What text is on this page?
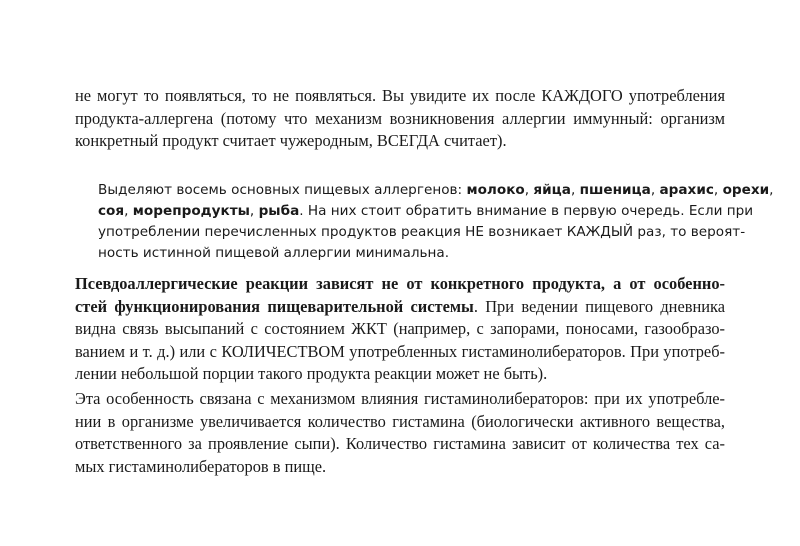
не могут то появляться, то не появляться. Вы увидите их после КАЖДОГО употребления
продукта-аллергена (потому что механизм возникновения аллергии иммунный: организм
конкретный продукт считает чужеродным, ВСЕГДА считает).

Выделяют восемь основных пищевых аллергенов: молоко, яйца, пшеница, арахис, орехи,
соя, морепродукты, рыба. На них стоит обратить внимание в первую очередь. Если при
употреблении перечисленных продуктов реакция НЕ возникает КАЖДЫЙ раз, то вероят-
ность истинной пищевой аллергии минимальна.

Псевдоаллергические реакции зависят не от конкретного продукта, а от особенно-
стей функционирования пищеварительной системы. При ведении пищевого дневника
видна связь высыпаний с состоянием ЖКТ (например, с запорами, поносами, газообразо-
ванием и т. д.) или с КОЛИЧЕСТВОМ употребленных гистаминолибераторов. При употреб-
лении небольшой порции такого продукта реакции может не быть).

Эта особенность связана с механизмом влияния гистаминолибераторов: при их употребле-
нии в организме увеличивается количество гистамина (биологически активного вещества,
ответственного за проявление сыпи). Количество гистамина зависит от количества тех са-
мых гистаминолибераторов в пище.
